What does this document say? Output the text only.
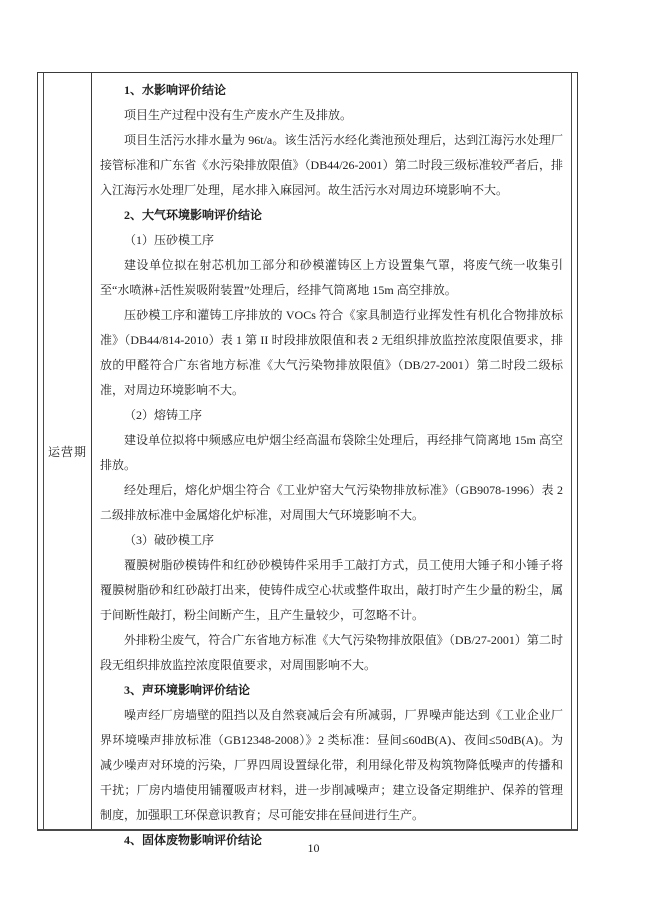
运营期

1、水影响评价结论

项目生产过程中没有生产废水产生及排放。

项目生活污水排水量为 96t/a。该生活污水经化粪池预处理后，达到江海污水处理厂接管标准和广东省《水污染排放限值》（DB44/26-2001）第二时段三级标准较严者后，排入江海污水处理厂处理，尾水排入麻园河。故生活污水对周边环境影响不大。

2、大气环境影响评价结论

（1）压砂模工序

建设单位拟在射芯机加工部分和砂模灌铸区上方设置集气罩，将废气统一收集引至“水喷淋+活性炭吸附装置”处理后，经排气筒离地 15m 高空排放。

压砂模工序和灌铸工序排放的 VOCs 符合《家具制造行业挥发性有机化合物排放标准》（DB44/814-2010）表 1 第 II 时段排放限值和表 2 无组织排放监控浓度限值要求，排放的甲醛符合广东省地方标准《大气污染物排放限值》（DB/27-2001）第二时段二级标准，对周边环境影响不大。

（2）熔铸工序

建设单位拟将中频感应电炉烟尘经高温布袋除尘处理后，再经排气筒离地 15m 高空排放。

经处理后，熔化炉烟尘符合《工业炉窑大气污染物排放标准》（GB9078-1996）表 2 二级排放标准中金属熔化炉标准，对周围大气环境影响不大。

（3）破砂模工序

覆膜树脂砂模铸件和红砂砂模铸件采用手工敲打方式，员工使用大锤子和小锤子将覆膜树脂砂和红砂敲打出来，使铸件成空心状或整件取出，敲打时产生少量的粉尘，属于间断性敲打，粉尘间断产生，且产生量较少，可忽略不计。

外排粉尘废气，符合广东省地方标准《大气污染物排放限值》（DB/27-2001）第二时段无组织排放监控浓度限值要求，对周围影响不大。

3、声环境影响评价结论

噪声经厂房墙壁的阻挡以及自然衰减后会有所减弱，厂界噪声能达到《工业企业厂界环境噪声排放标准（GB12348-2008）》2 类标准：昼间≤60dB(A)、夜间≤50dB(A)。为减少噪声对环境的污染，厂界四周设置绿化带，利用绿化带及构筑物降低噪声的传播和干扰；厂房内墙使用铺覆吸声材料，进一步削减噪声；建立设备定期维护、保养的管理制度，加强职工环保意识教育；尽可能安排在昼间进行生产。

4、固体废物影响评价结论

10
